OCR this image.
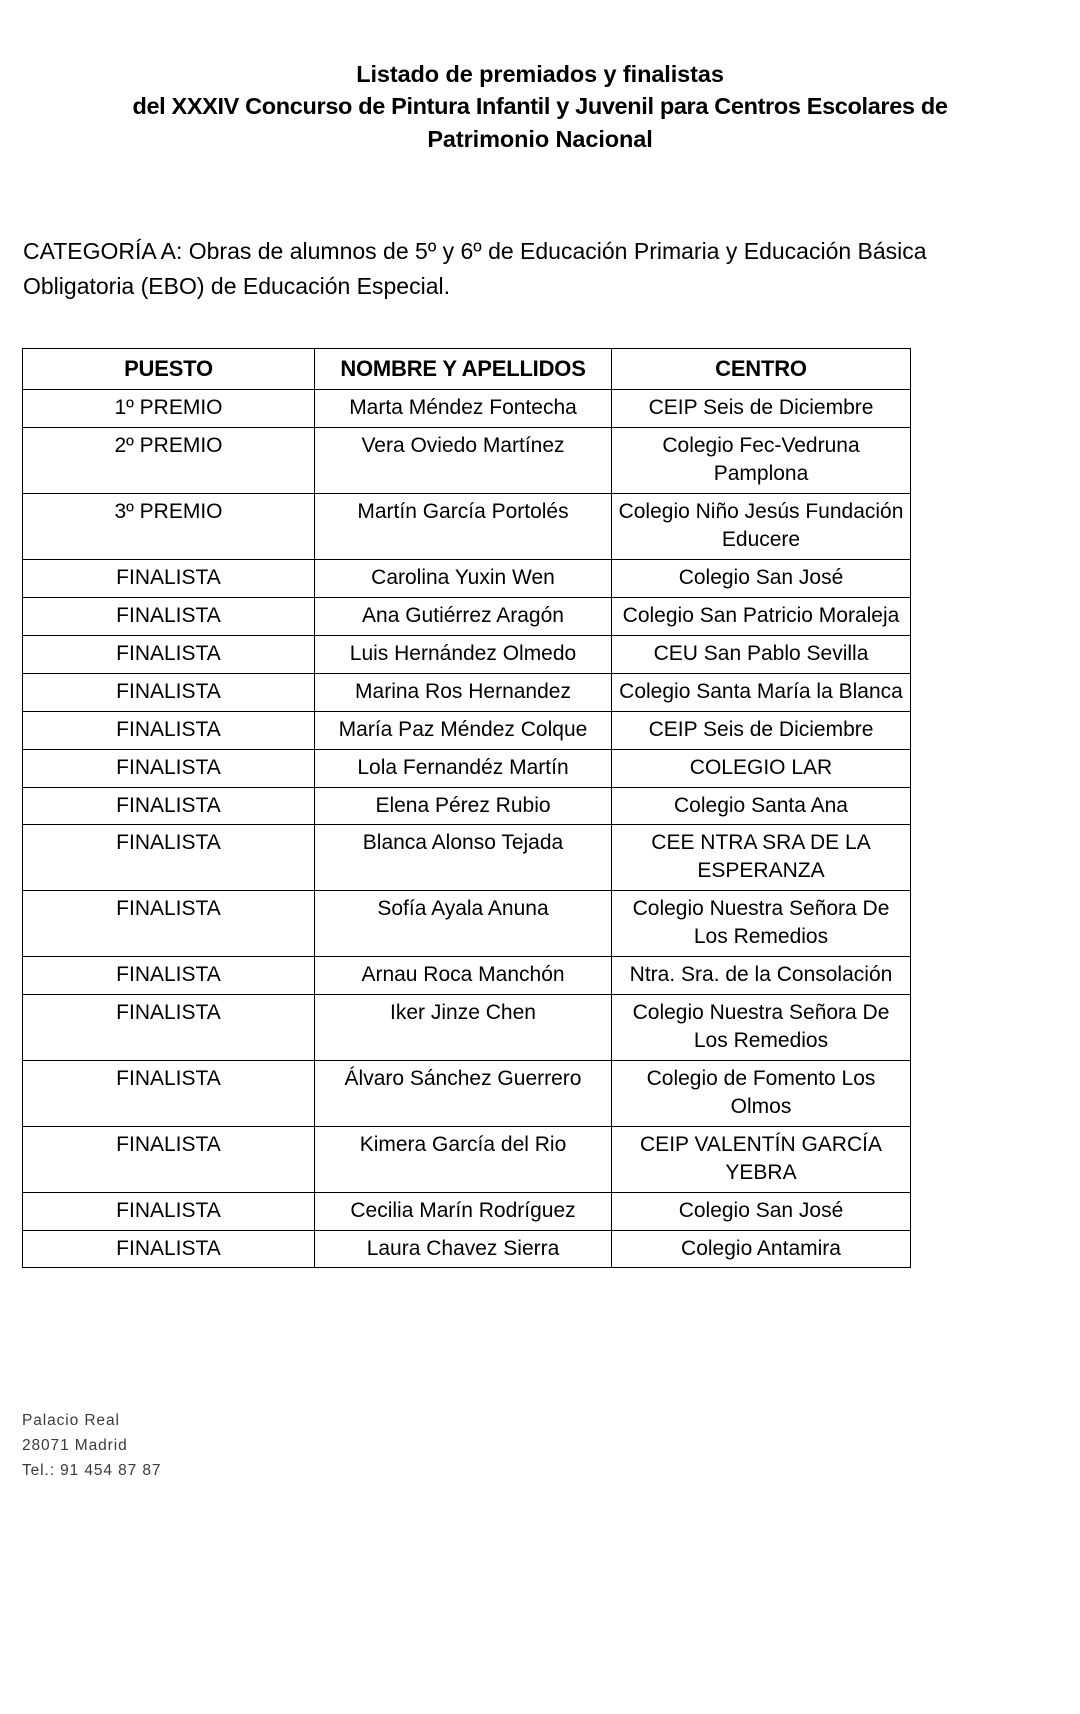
Listado de premiados y finalistas
del XXXIV Concurso de Pintura Infantil y Juvenil para Centros Escolares de
Patrimonio Nacional

CATEGORÍA A: Obras de alumnos de 5º y 6º de Educación Primaria y Educación Básica Obligatoria (EBO) de Educación Especial.

PUESTO	NOMBRE Y APELLIDOS	CENTRO
1º PREMIO	Marta Méndez Fontecha	CEIP Seis de Diciembre
2º PREMIO	Vera Oviedo Martínez	Colegio Fec-Vedruna Pamplona
3º PREMIO	Martín García Portolés	Colegio Niño Jesús Fundación Educere
FINALISTA	Carolina Yuxin Wen	Colegio San José
FINALISTA	Ana Gutiérrez Aragón	Colegio San Patricio Moraleja
FINALISTA	Luis Hernández Olmedo	CEU San Pablo Sevilla
FINALISTA	Marina Ros Hernandez	Colegio Santa María la Blanca
FINALISTA	María Paz Méndez Colque	CEIP Seis de Diciembre
FINALISTA	Lola Fernandéz Martín	COLEGIO LAR
FINALISTA	Elena Pérez Rubio	Colegio Santa Ana
FINALISTA	Blanca Alonso Tejada	CEE NTRA SRA DE LA ESPERANZA
FINALISTA	Sofía Ayala Anuna	Colegio Nuestra Señora De Los Remedios
FINALISTA	Arnau Roca Manchón	Ntra. Sra. de la Consolación
FINALISTA	Iker Jinze Chen	Colegio Nuestra Señora De Los Remedios
FINALISTA	Álvaro Sánchez Guerrero	Colegio de Fomento Los Olmos
FINALISTA	Kimera García del Rio	CEIP VALENTÍN GARCÍA YEBRA
FINALISTA	Cecilia Marín Rodríguez	Colegio San José
FINALISTA	Laura Chavez Sierra	Colegio Antamira
Palacio Real
28071 Madrid
Tel.: 91 454 87 87
